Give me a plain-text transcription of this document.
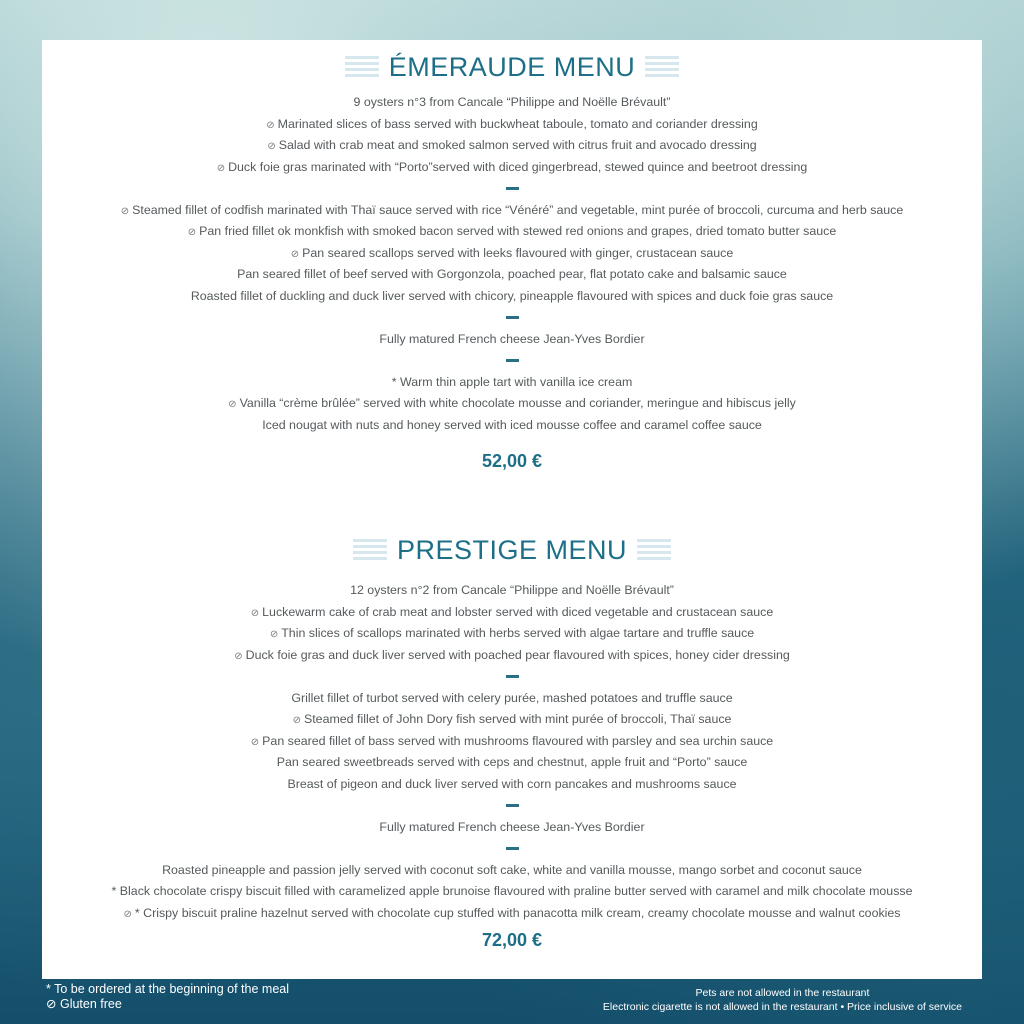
ÉMERAUDE MENU
9 oysters n°3 from Cancale “Philippe and Noëlle Brévault”
⊘ Marinated slices of bass served with buckwheat taboule, tomato and coriander dressing
⊘ Salad with crab meat and smoked salmon served with citrus fruit and avocado dressing
⊘ Duck foie gras marinated with “Porto”served with diced gingerbread, stewed quince and beetroot dressing
⊘ Steamed fillet of codfish marinated with Thaï sauce served with rice “Vénéré” and vegetable, mint purée of broccoli, curcuma and herb sauce
⊘ Pan fried fillet ok monkfish with smoked bacon served with stewed red onions and grapes, dried tomato butter sauce
⊘ Pan seared scallops served with leeks flavoured with ginger, crustacean sauce
Pan seared fillet of beef served with Gorgonzola, poached pear, flat potato cake and balsamic sauce
Roasted fillet of duckling and duck liver served with chicory, pineapple flavoured with spices and duck foie gras sauce
Fully matured French cheese Jean-Yves Bordier
* Warm thin apple tart with vanilla ice cream
⊘ Vanilla “crème brûlée” served with white chocolate mousse and coriander, meringue and hibiscus jelly
Iced nougat with nuts and honey served with iced mousse coffee and caramel coffee sauce
52,00 €
PRESTIGE MENU
12 oysters n°2 from Cancale “Philippe and Noëlle Brévault”
⊘ Luckewarm cake of crab meat and lobster served with diced vegetable and crustacean sauce
⊘ Thin slices of scallops marinated with herbs served with algae tartare and truffle sauce
⊘ Duck foie gras and duck liver served with poached pear flavoured with spices, honey cider dressing
Grillet fillet of turbot served with celery purée, mashed potatoes and truffle sauce
⊘ Steamed fillet of John Dory fish served with mint purée of broccoli, Thaï sauce
⊘ Pan seared fillet of bass served with mushrooms flavoured with parsley and sea urchin sauce
Pan seared sweetbreads served with ceps and chestnut, apple fruit and “Porto” sauce
Breast of pigeon and duck liver served with corn pancakes and mushrooms sauce
Fully matured French cheese Jean-Yves Bordier
Roasted pineapple and passion jelly served with coconut soft cake, white and vanilla mousse, mango sorbet and coconut sauce
* Black chocolate crispy biscuit filled with caramelized apple brunoise flavoured with praline butter served with caramel and milk chocolate mousse
⊘ * Crispy biscuit praline hazelnut served with chocolate cup stuffed with panacotta milk cream, creamy chocolate mousse and walnut cookies
72,00 €
* To be ordered at the beginning of the meal
⊘ Gluten free
Pets are not allowed in the restaurant
Electronic cigarette is not allowed in the restaurant • Price inclusive of service
